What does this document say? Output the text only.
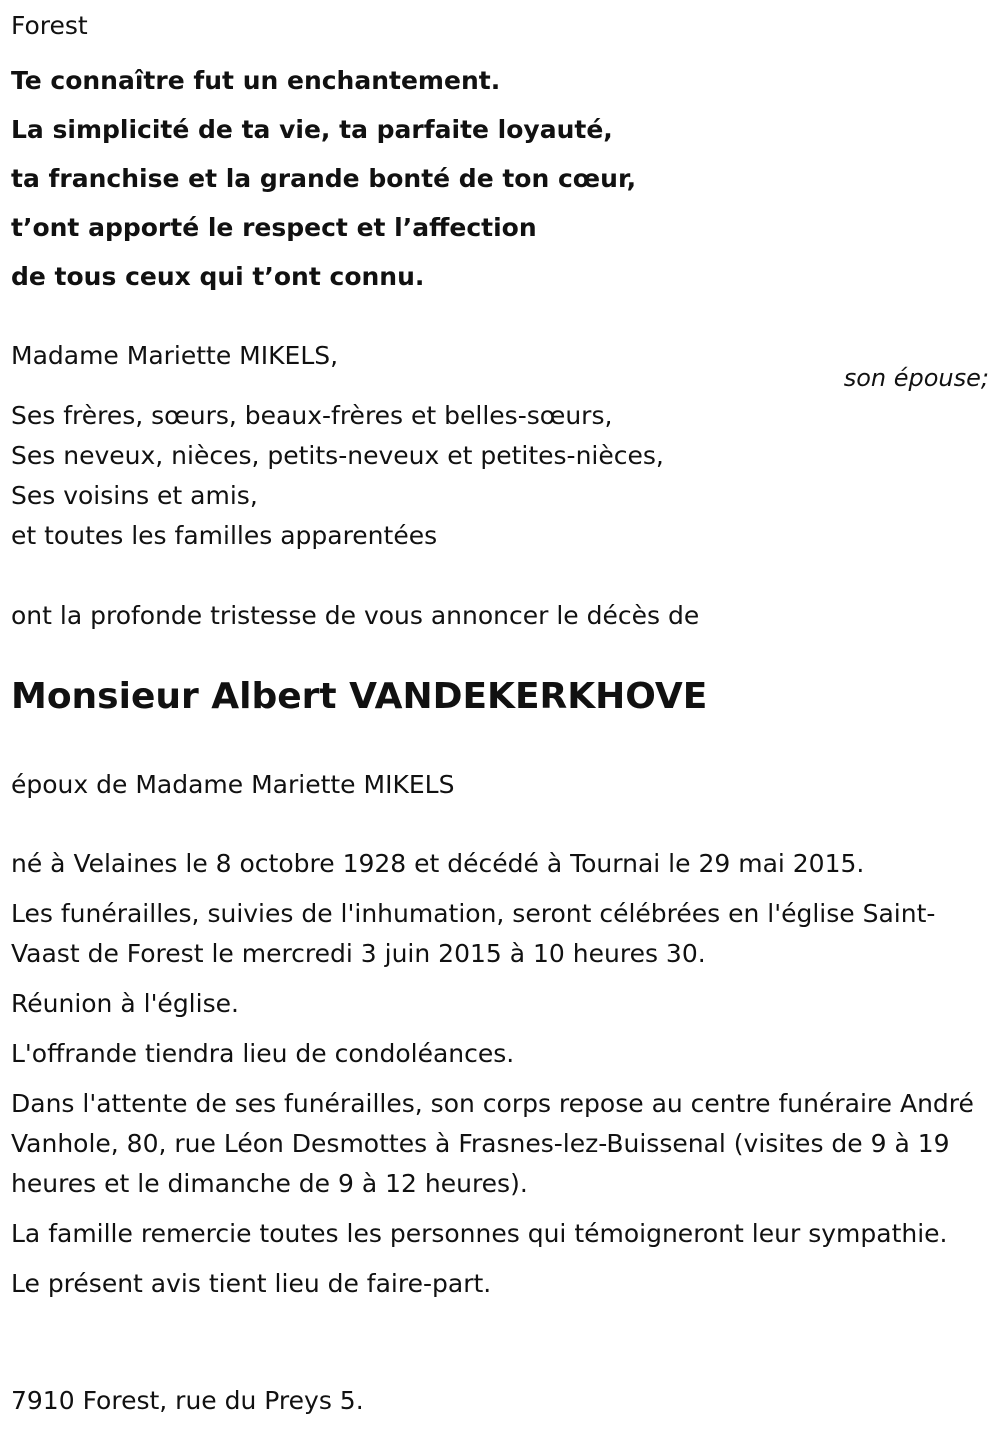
Forest
Te connaître fut un enchantement.
La simplicité de ta vie, ta parfaite loyauté,
ta franchise et la grande bonté de ton cœur,
t’ont apporté le respect et l’affection
de tous ceux qui t’ont connu.
Madame Mariette MIKELS,
son épouse;
Ses frères, sœurs, beaux-frères et belles-sœurs,
Ses neveux, nièces, petits-neveux et petites-nièces,
Ses voisins et amis,
et toutes les familles apparentées
ont la profonde tristesse de vous annoncer le décès de
Monsieur Albert VANDEKERKHOVE
époux de Madame Mariette MIKELS

né à Velaines le 8 octobre 1928 et décédé à Tournai le 29 mai 2015.

Les funérailles, suivies de l'inhumation, seront célébrées en l'église Saint-Vaast de Forest le mercredi 3 juin 2015 à 10 heures 30.

Réunion à l'église.

L'offrande tiendra lieu de condoléances.

Dans l'attente de ses funérailles, son corps repose au centre funéraire André Vanhole, 80, rue Léon Desmottes à Frasnes-lez-Buissenal (visites de 9 à 19 heures et le dimanche de 9 à 12 heures).

La famille remercie toutes les personnes qui témoigneront leur sympathie.

Le présent avis tient lieu de faire-part.

7910 Forest, rue du Preys 5.
